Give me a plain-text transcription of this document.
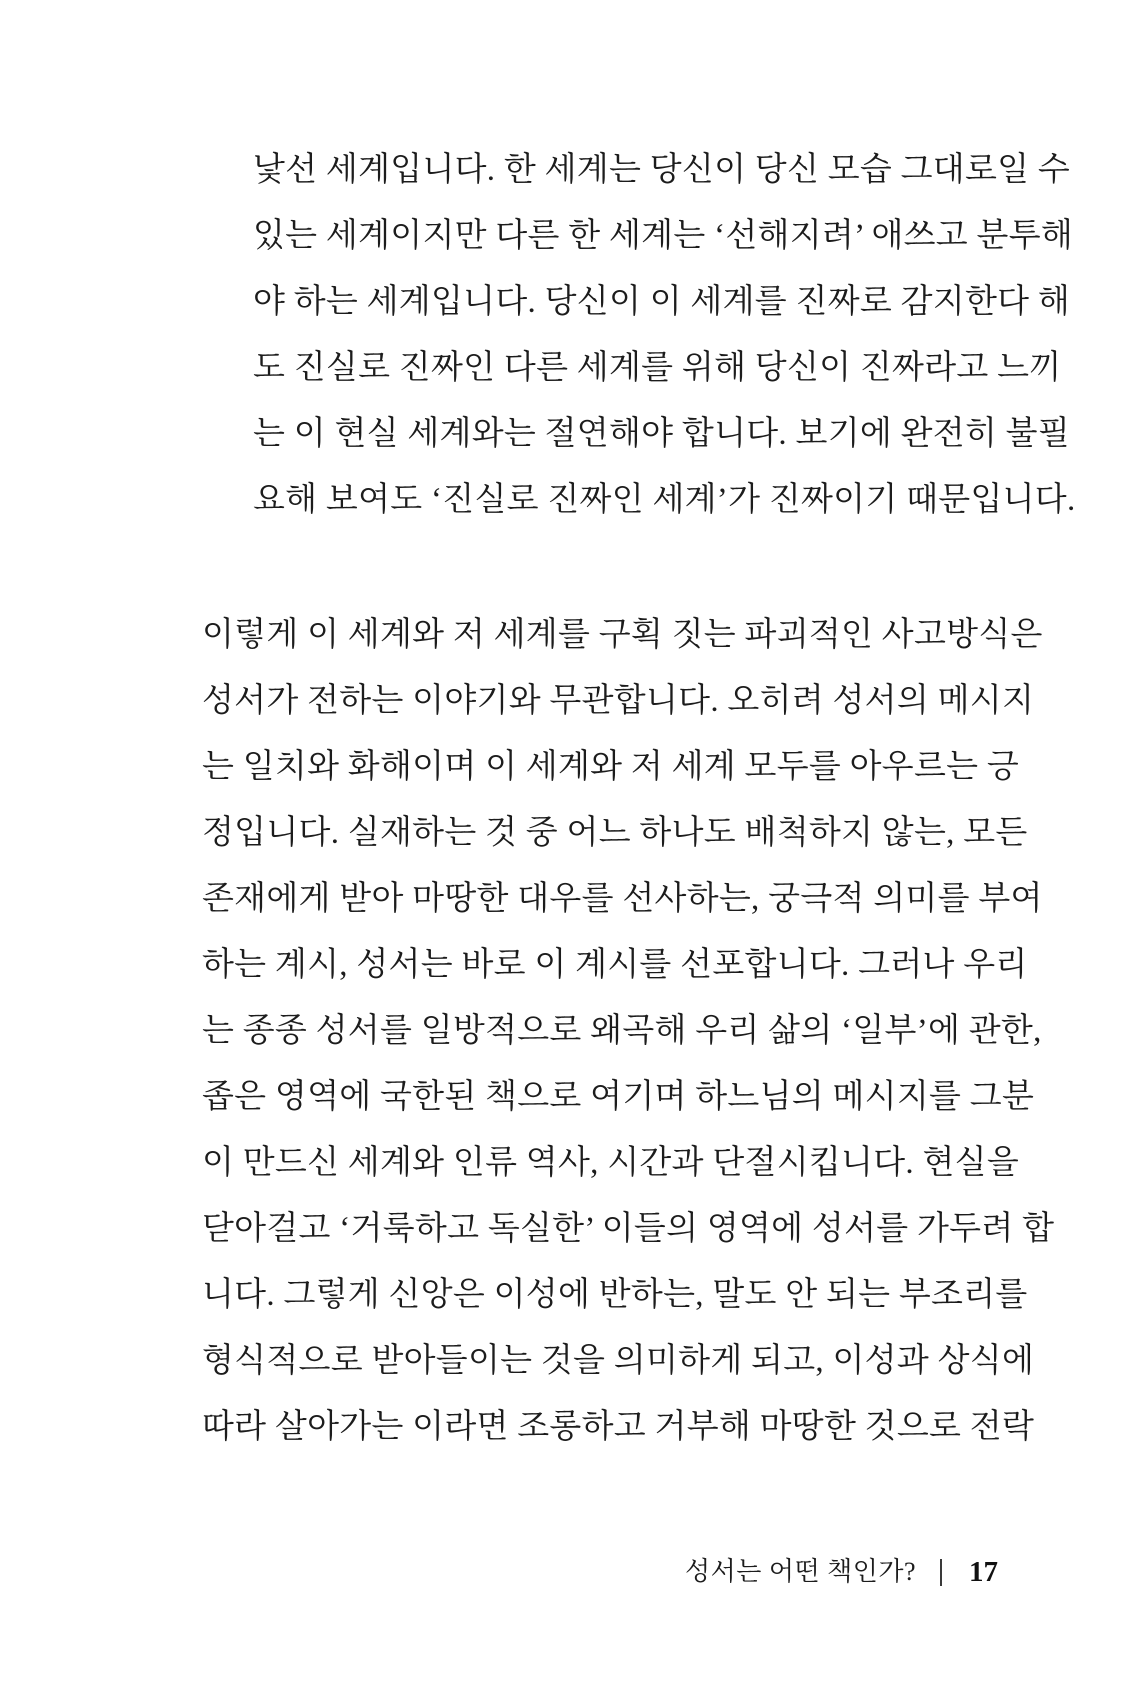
낯선 세계입니다. 한 세계는 당신이 당신 모습 그대로일 수
있는 세계이지만 다른 한 세계는 ‘선해지려’ 애쓰고 분투해
야 하는 세계입니다. 당신이 이 세계를 진짜로 감지한다 해
도 진실로 진짜인 다른 세계를 위해 당신이 진짜라고 느끼
는 이 현실 세계와는 절연해야 합니다. 보기에 완전히 불필
요해 보여도 ‘진실로 진짜인 세계’가 진짜이기 때문입니다.
이렇게 이 세계와 저 세계를 구획 짓는 파괴적인 사고방식은
성서가 전하는 이야기와 무관합니다. 오히려 성서의 메시지
는 일치와 화해이며 이 세계와 저 세계 모두를 아우르는 긍
정입니다. 실재하는 것 중 어느 하나도 배척하지 않는, 모든
존재에게 받아 마땅한 대우를 선사하는, 궁극적 의미를 부여
하는 계시, 성서는 바로 이 계시를 선포합니다. 그러나 우리
는 종종 성서를 일방적으로 왜곡해 우리 삶의 ‘일부’에 관한,
좁은 영역에 국한된 책으로 여기며 하느님의 메시지를 그분
이 만드신 세계와 인류 역사, 시간과 단절시킵니다. 현실을
닫아걸고 ‘거룩하고 독실한’ 이들의 영역에 성서를 가두려 합
니다. 그렇게 신앙은 이성에 반하는, 말도 안 되는 부조리를
형식적으로 받아들이는 것을 의미하게 되고, 이성과 상식에
따라 살아가는 이라면 조롱하고 거부해 마땅한 것으로 전락
성서는 어떤 책인가? 17
